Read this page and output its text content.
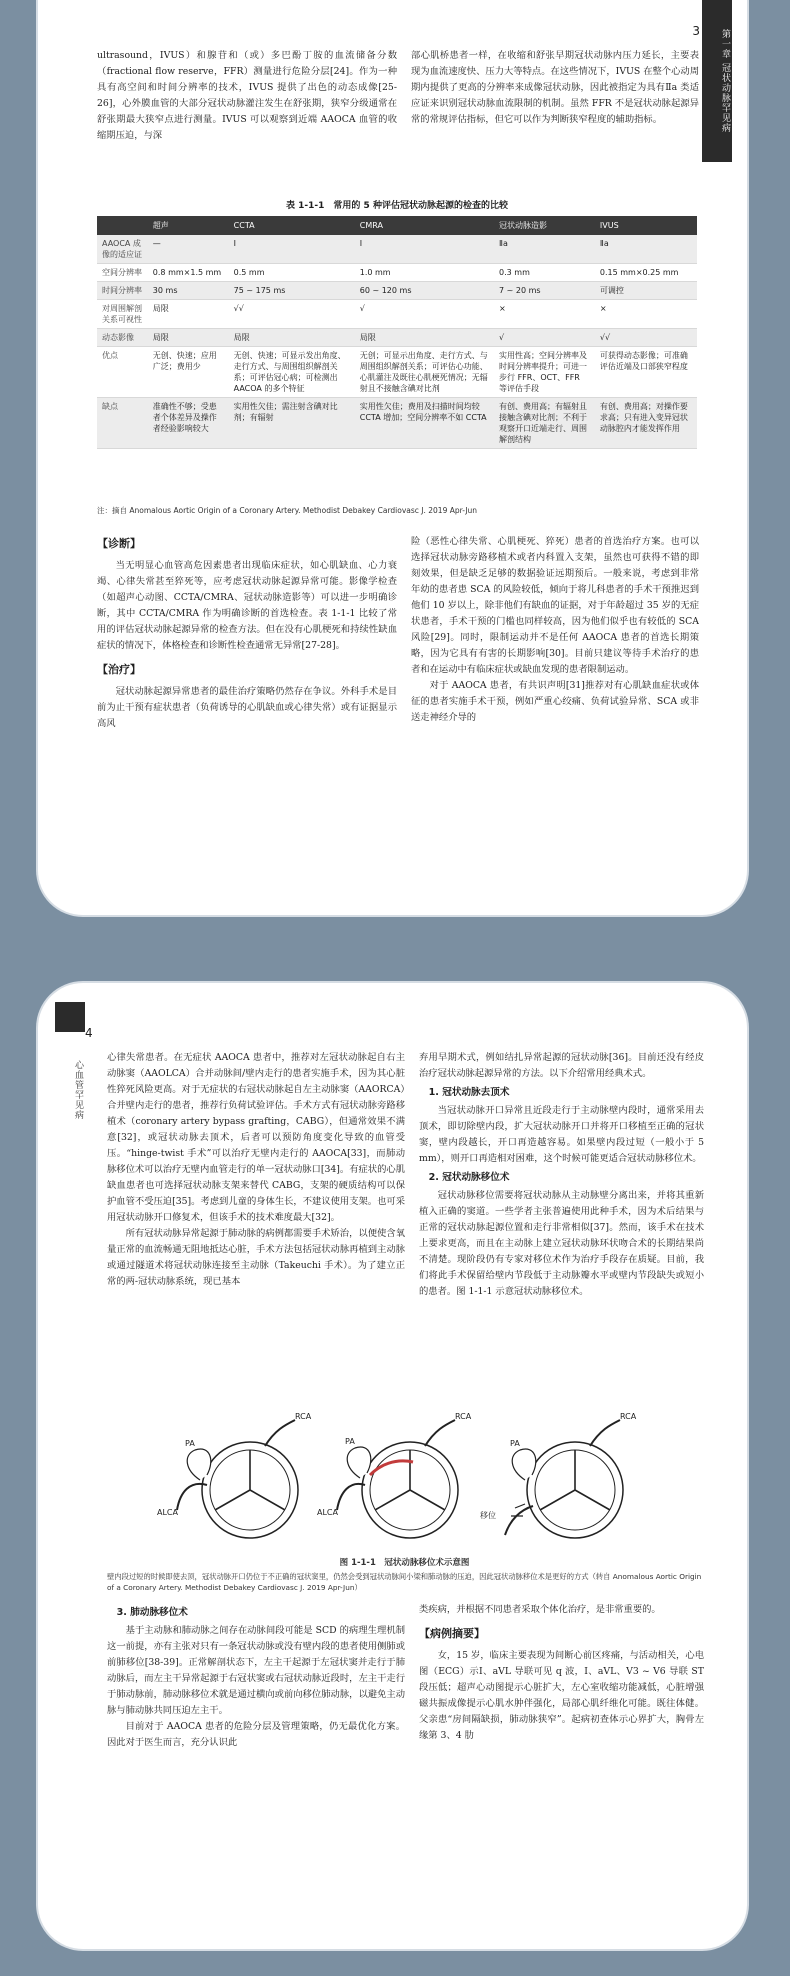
3	第一章 冠状动脉罕见病

ultrasound，IVUS）和腺苷和（或）多巴酚丁胺的血流储备分数（fractional flow reserve，FFR）测量进行危险分层[24]。作为一种具有高空间和时间分辨率的技术，IVUS 提供了出色的动态成像[25-26]，心外膜血管的大部分冠状动脉灌注发生在舒张期，狭窄分级通常在舒张期最大狭窄点进行测量。IVUS 可以观察到近端 AAOCA 血管的收缩期压迫，与深

部心肌桥患者一样，在收缩和舒张早期冠状动脉内压力延长，主要表现为血流速度快、压力大等特点。在这些情况下，IVUS 在整个心动周期内提供了更高的分辨率来成像冠状动脉，因此被指定为具有Ⅱa 类适应证来识别冠状动脉血流限制的机制。虽然 FFR 不是冠状动脉起源异常的常规评估指标，但它可以作为判断狭窄程度的辅助指标。

表 1-1-1　常用的 5 种评估冠状动脉起源的检查的比较
	超声	CCTA	CMRA	冠状动脉造影	IVUS
AAOCA 成像的适应证	—	Ⅰ	Ⅰ	Ⅱa	Ⅱa
空间分辨率	0.8 mm×1.5 mm	0.5 mm	1.0 mm	0.3 mm	0.15 mm×0.25 mm
时间分辨率	30 ms	75 ~ 175 ms	60 ~ 120 ms	7 ~ 20 ms	可调控
对周围解剖关系可视性	局限	√√	√	×	×
动态影像	局限	局限	局限	√	√√
优点	无创、快速；应用广泛；费用少	无创、快速；可显示发出角度、走行方式、与周围组织解剖关系；可评估冠心病；可检测出 AACOA 的多个特征	无创；可显示出角度、走行方式、与周围组织解剖关系；可评估心功能、心肌灌注及既往心肌梗死情况；无辐射且不接触含碘对比剂	实用性高；空间分辨率及时间分辨率提升；可进一步行 FFR、OCT、FFR 等评估手段	可获得动态影像；可准确评估近端及口部狭窄程度
缺点	准确性不够；受患者个体差异及操作者经验影响较大	实用性欠佳；需注射含碘对比剂；有辐射	实用性欠佳；费用及扫描时间均较 CCTA 增加；空间分辨率不如 CCTA	有创、费用高；有辐射且接触含碘对比剂；不利于观察开口近端走行、周围解剖结构	有创、费用高；对操作要求高；只有进入变异冠状动脉腔内才能发挥作用
注：摘自 Anomalous Aortic Origin of a Coronary Artery. Methodist Debakey Cardiovasc J. 2019 Apr-Jun
【诊断】

当无明显心血管高危因素患者出现临床症状，如心肌缺血、心力衰竭、心律失常甚至猝死等，应考虑冠状动脉起源异常可能。影像学检查（如超声心动图、CCTA/CMRA、冠状动脉造影等）可以进一步明确诊断，其中 CCTA/CMRA 作为明确诊断的首选检查。表 1-1-1 比较了常用的评估冠状动脉起源异常的检查方法。但在没有心肌梗死和持续性缺血症状的情况下，体格检查和诊断性检查通常无异常[27-28]。

【治疗】

冠状动脉起源异常患者的最佳治疗策略仍然存在争议。外科手术是目前为止干预有症状患者（负荷诱导的心肌缺血或心律失常）或有证据显示高风

险（恶性心律失常、心肌梗死、猝死）患者的首选治疗方案。也可以选择冠状动脉旁路移植术或者内科置入支架，虽然也可获得不错的即刻效果，但是缺乏足够的数据验证远期预后。一般来说，考虑到非常年幼的患者患 SCA 的风险较低，倾向于将儿科患者的手术干预推迟到他们 10 岁以上，除非他们有缺血的证据，对于年龄超过 35 岁的无症状患者，手术干预的门槛也同样较高，因为他们似乎也有较低的 SCA 风险[29]。同时，限制运动并不是任何 AAOCA 患者的首选长期策略，因为它具有有害的长期影响[30]。目前只建议等待手术治疗的患者和在运动中有临床症状或缺血发现的患者限制运动。

对于 AAOCA 患者，有共识声明[31]推荐对有心肌缺血症状或体征的患者实施手术干预，例如严重心绞痛、负荷试验异常、SCA 或非送走神经介导的

4
心血管罕见病

心律失常患者。在无症状 AAOCA 患者中，推荐对左冠状动脉起自右主动脉窦（AAOLCA）合并动脉间/壁内走行的患者实施手术，因为其心脏性猝死风险更高。对于无症状的右冠状动脉起自左主动脉窦（AAORCA）合并壁内走行的患者，推荐行负荷试验评估。手术方式有冠状动脉旁路移植术（coronary artery bypass grafting，CABG），但通常效果不满意[32]，或冠状动脉去顶术，后者可以预防角度变化导致的血管受压。“hinge-twist 手术”可以治疗无壁内走行的 AAOCA[33]，而肺动脉移位术可以治疗无壁内血管走行的单一冠状动脉口[34]。有症状的心肌缺血患者也可选择冠状动脉支架来替代 CABG，支架的硬质结构可以保护血管不受压迫[35]。考虑到儿童的身体生长，不建议使用支架。也可采用冠状动脉开口修复术，但该手术的技术难度最大[32]。

所有冠状动脉异常起源于肺动脉的病例都需要手术矫治，以便使含氧量正常的血流畅通无阻地抵达心脏，手术方法包括冠状动脉再植到主动脉或通过隧道术将冠状动脉连接至主动脉（Takeuchi 手术）。为了建立正常的两-冠状动脉系统，现已基本

弃用早期术式，例如结扎异常起源的冠状动脉[36]。目前还没有经皮治疗冠状动脉起源异常的方法。以下介绍常用经典术式。

1. 冠状动脉去顶术

当冠状动脉开口异常且近段走行于主动脉壁内段时，通常采用去顶术，即切除壁内段，扩大冠状动脉开口并将开口移植至正确的冠状窦，壁内段越长，开口再造越容易。如果壁内段过短（一般小于 5 mm），则开口再造相对困难，这个时候可能更适合冠状动脉移位术。

2. 冠状动脉移位术

冠状动脉移位需要将冠状动脉从主动脉壁分离出来，并将其重新植入正确的窦道。一些学者主张普遍使用此种手术，因为术后结果与正常的冠状动脉起源位置和走行非常相似[37]。然而，该手术在技术上要求更高，而且在主动脉上建立冠状动脉环状吻合术的长期结果尚不清楚。现阶段仍有专家对移位术作为治疗手段存在质疑。目前，我们将此手术保留给壁内节段低于主动脉瓣水平或壁内节段缺失或短小的患者。图 1-1-1 示意冠状动脉移位术。

RCA
PA
ALCA
RCA
PA
ALCA
RCA
PA
移位
图 1-1-1　冠状动脉移位术示意图
壁内段过短的时候即使去顶，冠状动脉开口仍位于不正确的冠状窦里，仍然会受到冠状动脉间小梁和肺动脉的压迫，因此冠状动脉移位术是更好的方式（转自 Anomalous Aortic Origin of a Coronary Artery. Methodist Debakey Cardiovasc J. 2019 Apr-Jun）
3. 肺动脉移位术

基于主动脉和肺动脉之间存在动脉间段可能是 SCD 的病理生理机制这一前提，亦有主张对只有一条冠状动脉或没有壁内段的患者使用侧肺或前肺移位[38-39]。正常解剖状态下，左主干起源于左冠状窦并走行于肺动脉后，而左主干异常起源于右冠状窦或右冠状动脉近段时，左主干走行于肺动脉前，肺动脉移位术就是通过横向或前向移位肺动脉，以避免主动脉与肺动脉共同压迫左主干。

目前对于 AAOCA 患者的危险分层及管理策略，仍无最优化方案。因此对于医生而言，充分认识此

类疾病，并根据不同患者采取个体化治疗，是非常重要的。

【病例摘要】

女，15 岁，临床主要表现为间断心前区疼痛，与活动相关，心电图（ECG）示Ⅰ、aVL 导联可见 q 波，Ⅰ、aVL、V3 ~ V6 导联 ST 段压低；超声心动图提示心脏扩大，左心室收缩功能减低，心脏增强磁共振成像提示心肌水肿伴强化，局部心肌纤维化可能。既往体健。父亲患“房间隔缺损，肺动脉狭窄”。起病初查体示心界扩大，胸骨左缘第 3、4 肋
